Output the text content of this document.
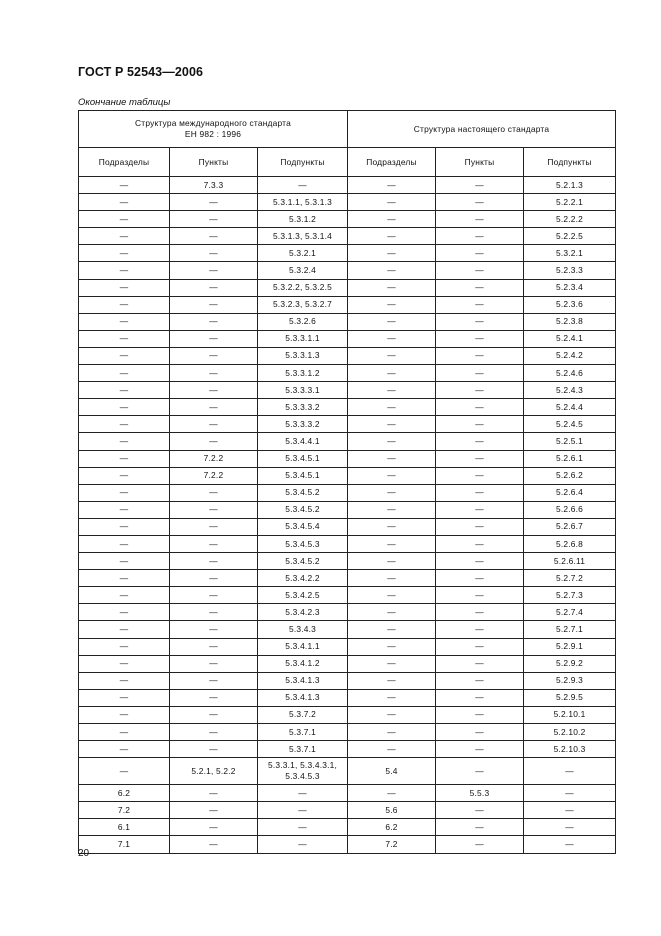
ГОСТ Р 52543—2006
Окончание таблицы
Структура международного стандарта
ЕН 982 : 1996			Структура настоящего стандарта		
Подразделы	Пункты	Подпункты	Подразделы	Пункты	Подпункты
—	7.3.3	—	—	—	5.2.1.3
—	—	5.3.1.1, 5.3.1.3	—	—	5.2.2.1
—	—	5.3.1.2	—	—	5.2.2.2
—	—	5.3.1.3, 5.3.1.4	—	—	5.2.2.5
—	—	5.3.2.1	—	—	5.3.2.1
—	—	5.3.2.4	—	—	5.2.3.3
—	—	5.3.2.2, 5.3.2.5	—	—	5.2.3.4
—	—	5.3.2.3, 5.3.2.7	—	—	5.2.3.6
—	—	5.3.2.6	—	—	5.2.3.8
—	—	5.3.3.1.1	—	—	5.2.4.1
—	—	5.3.3.1.3	—	—	5.2.4.2
—	—	5.3.3.1.2	—	—	5.2.4.6
—	—	5.3.3.3.1	—	—	5.2.4.3
—	—	5.3.3.3.2	—	—	5.2.4.4
—	—	5.3.3.3.2	—	—	5.2.4.5
—	—	5.3.4.4.1	—	—	5.2.5.1
—	7.2.2	5.3.4.5.1	—	—	5.2.6.1
—	7.2.2	5.3.4.5.1	—	—	5.2.6.2
—	—	5.3.4.5.2	—	—	5.2.6.4
—	—	5.3.4.5.2	—	—	5.2.6.6
—	—	5.3.4.5.4	—	—	5.2.6.7
—	—	5.3.4.5.3	—	—	5.2.6.8
—	—	5.3.4.5.2	—	—	5.2.6.11
—	—	5.3.4.2.2	—	—	5.2.7.2
—	—	5.3.4.2.5	—	—	5.2.7.3
—	—	5.3.4.2.3	—	—	5.2.7.4
—	—	5.3.4.3	—	—	5.2.7.1
—	—	5.3.4.1.1	—	—	5.2.9.1
—	—	5.3.4.1.2	—	—	5.2.9.2
—	—	5.3.4.1.3	—	—	5.2.9.3
—	—	5.3.4.1.3	—	—	5.2.9.5
—	—	5.3.7.2	—	—	5.2.10.1
—	—	5.3.7.1	—	—	5.2.10.2
—	—	5.3.7.1	—	—	5.2.10.3
—	5.2.1, 5.2.2	5.3.3.1, 5.3.4.3.1, 5.3.4.5.3	5.4	—	—
6.2	—	—	—	5.5.3	—
7.2	—	—	5.6	—	—
6.1	—	—	6.2	—	—
7.1	—	—	7.2	—	—
20
